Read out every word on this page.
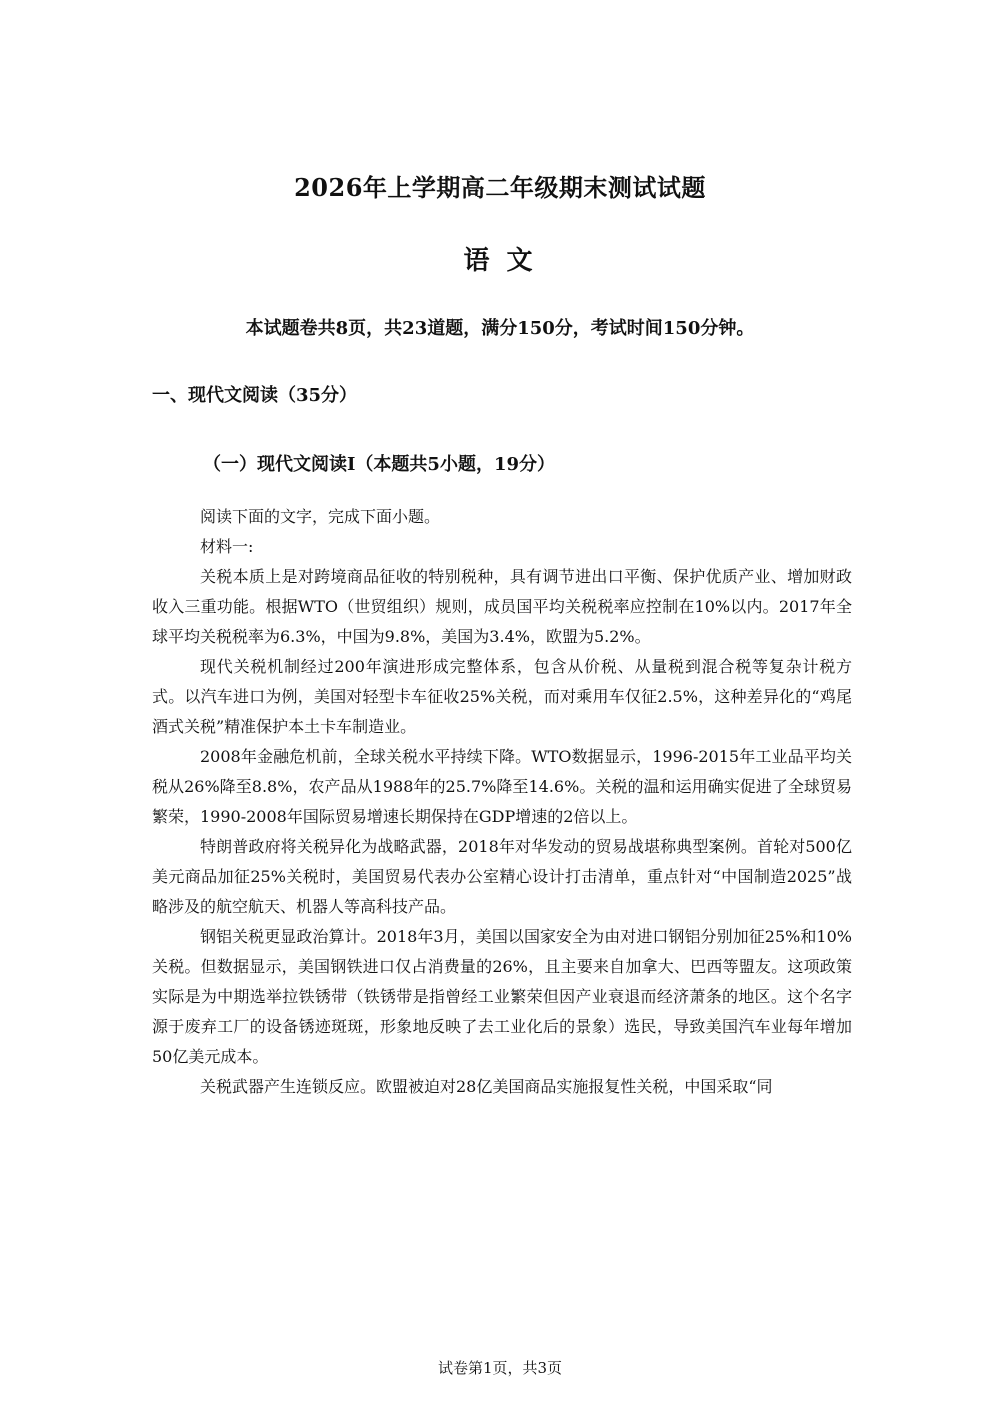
2026年上学期高二年级期末测试试题
语 文
本试题卷共8页，共23道题，满分150分，考试时间150分钟。
一、现代文阅读（35分）
（一）现代文阅读Ⅰ（本题共5小题，19分）

阅读下面的文字，完成下面小题。

材料一:

关税本质上是对跨境商品征收的特别税种，具有调节进出口平衡、保护优质产业、增加财政收入三重功能。根据WTO（世贸组织）规则，成员国平均关税税率应控制在10%以内。2017年全球平均关税税率为6.3%，中国为9.8%，美国为3.4%，欧盟为5.2%。

现代关税机制经过200年演进形成完整体系，包含从价税、从量税到混合税等复杂计税方式。以汽车进口为例，美国对轻型卡车征收25%关税，而对乘用车仅征2.5%，这种差异化的“鸡尾酒式关税”精准保护本土卡车制造业。

2008年金融危机前，全球关税水平持续下降。WTO数据显示，1996-2015年工业品平均关税从26%降至8.8%，农产品从1988年的25.7%降至14.6%。关税的温和运用确实促进了全球贸易繁荣，1990-2008年国际贸易增速长期保持在GDP增速的2倍以上。

特朗普政府将关税异化为战略武器，2018年对华发动的贸易战堪称典型案例。首轮对500亿美元商品加征25%关税时，美国贸易代表办公室精心设计打击清单，重点针对“中国制造2025”战略涉及的航空航天、机器人等高科技产品。

钢铝关税更显政治算计。2018年3月，美国以国家安全为由对进口钢铝分别加征25%和10%关税。但数据显示，美国钢铁进口仅占消费量的26%，且主要来自加拿大、巴西等盟友。这项政策实际是为中期选举拉铁锈带（铁锈带是指曾经工业繁荣但因产业衰退而经济萧条的地区。这个名字源于废弃工厂的设备锈迹斑斑，形象地反映了去工业化后的景象）选民，导致美国汽车业每年增加50亿美元成本。

关税武器产生连锁反应。欧盟被迫对28亿美国商品实施报复性关税，中国采取“同

试卷第1页，共3页
